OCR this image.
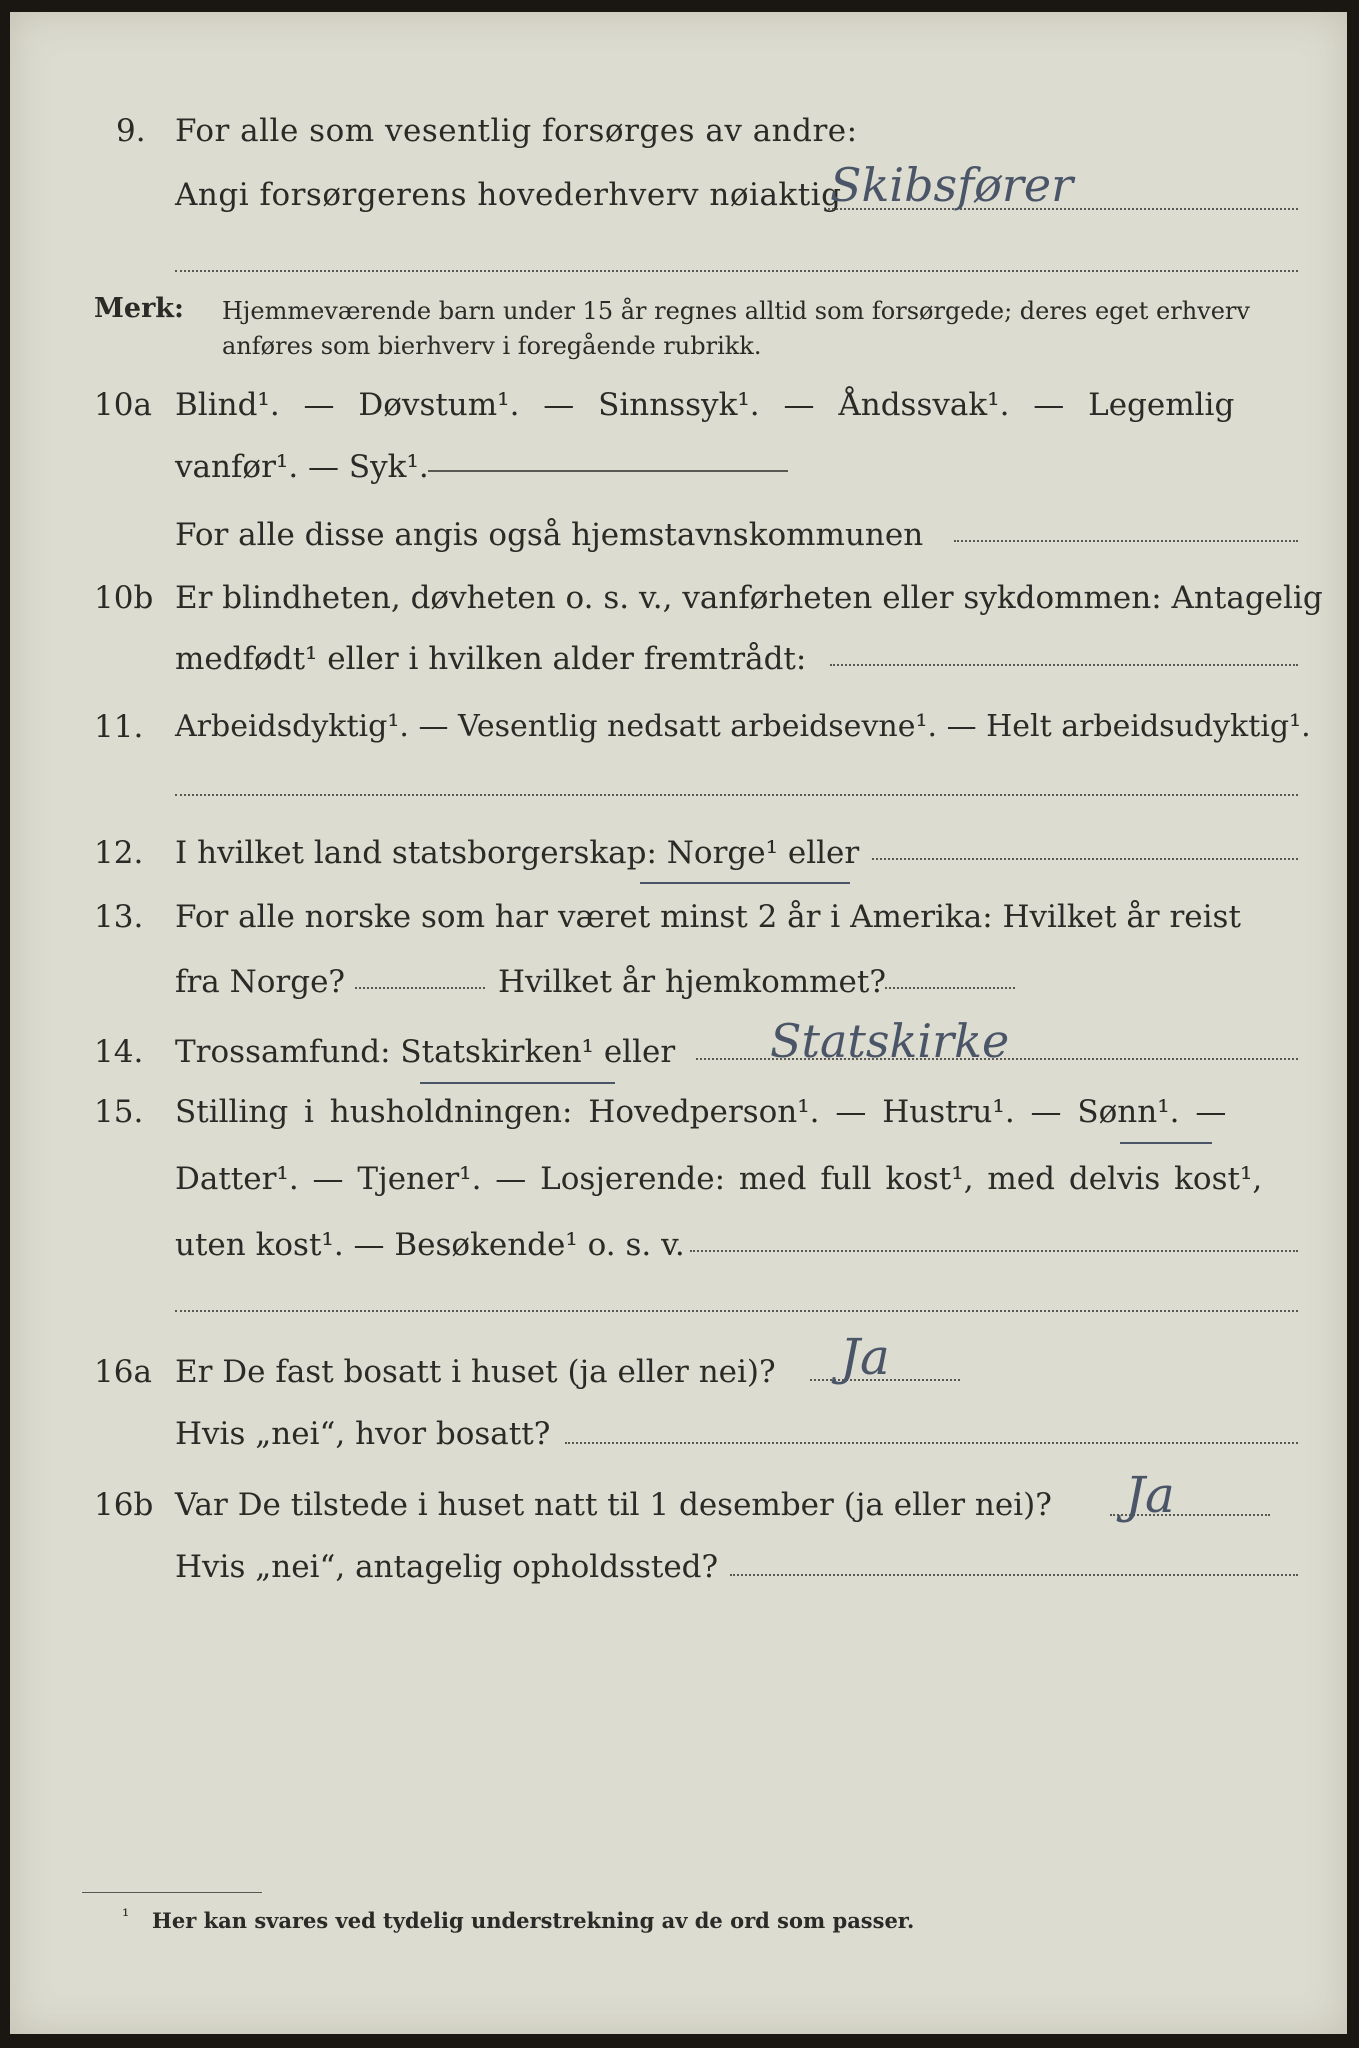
9. For alle som vesentlig forsørges av andre:
Angi forsørgerens hovederhverv nøiaktig
Skibsfører
Merk: Hjemmeværende barn under 15 år regnes alltid som forsørgede; deres eget erhverv
anføres som bierhverv i foregående rubrikk.
10a Blind¹. — Døvstum¹. — Sinnssyk¹. — Åndssvak¹. — Legemlig
vanfør¹. — Syk¹.
For alle disse angis også hjemstavnskommunen
10b Er blindheten, døvheten o. s. v., vanførheten eller sykdommen: Antagelig
medfødt¹ eller i hvilken alder fremtrådt:
11. Arbeidsdyktig¹. — Vesentlig nedsatt arbeidsevne¹. — Helt arbeidsudyktig¹.
12. I hvilket land statsborgerskap: Norge¹ eller
13. For alle norske som har været minst 2 år i Amerika: Hvilket år reist
fra Norge?	Hvilket år hjemkommet?
14. Trossamfund: Statskirken¹ eller Statskirke
15. Stilling i husholdningen: Hovedperson¹. — Hustru¹. — Sønn¹. —
Datter¹. — Tjener¹. — Losjerende: med full kost¹, med delvis kost¹,
uten kost¹. — Besøkende¹ o. s. v.
16a Er De fast bosatt i huset (ja eller nei)? Ja
Hvis „nei“, hvor bosatt?
16b Var De tilstede i huset natt til 1 desember (ja eller nei)? Ja
Hvis „nei“, antagelig opholdssted?
¹ Her kan svares ved tydelig understrekning av de ord som passer.
